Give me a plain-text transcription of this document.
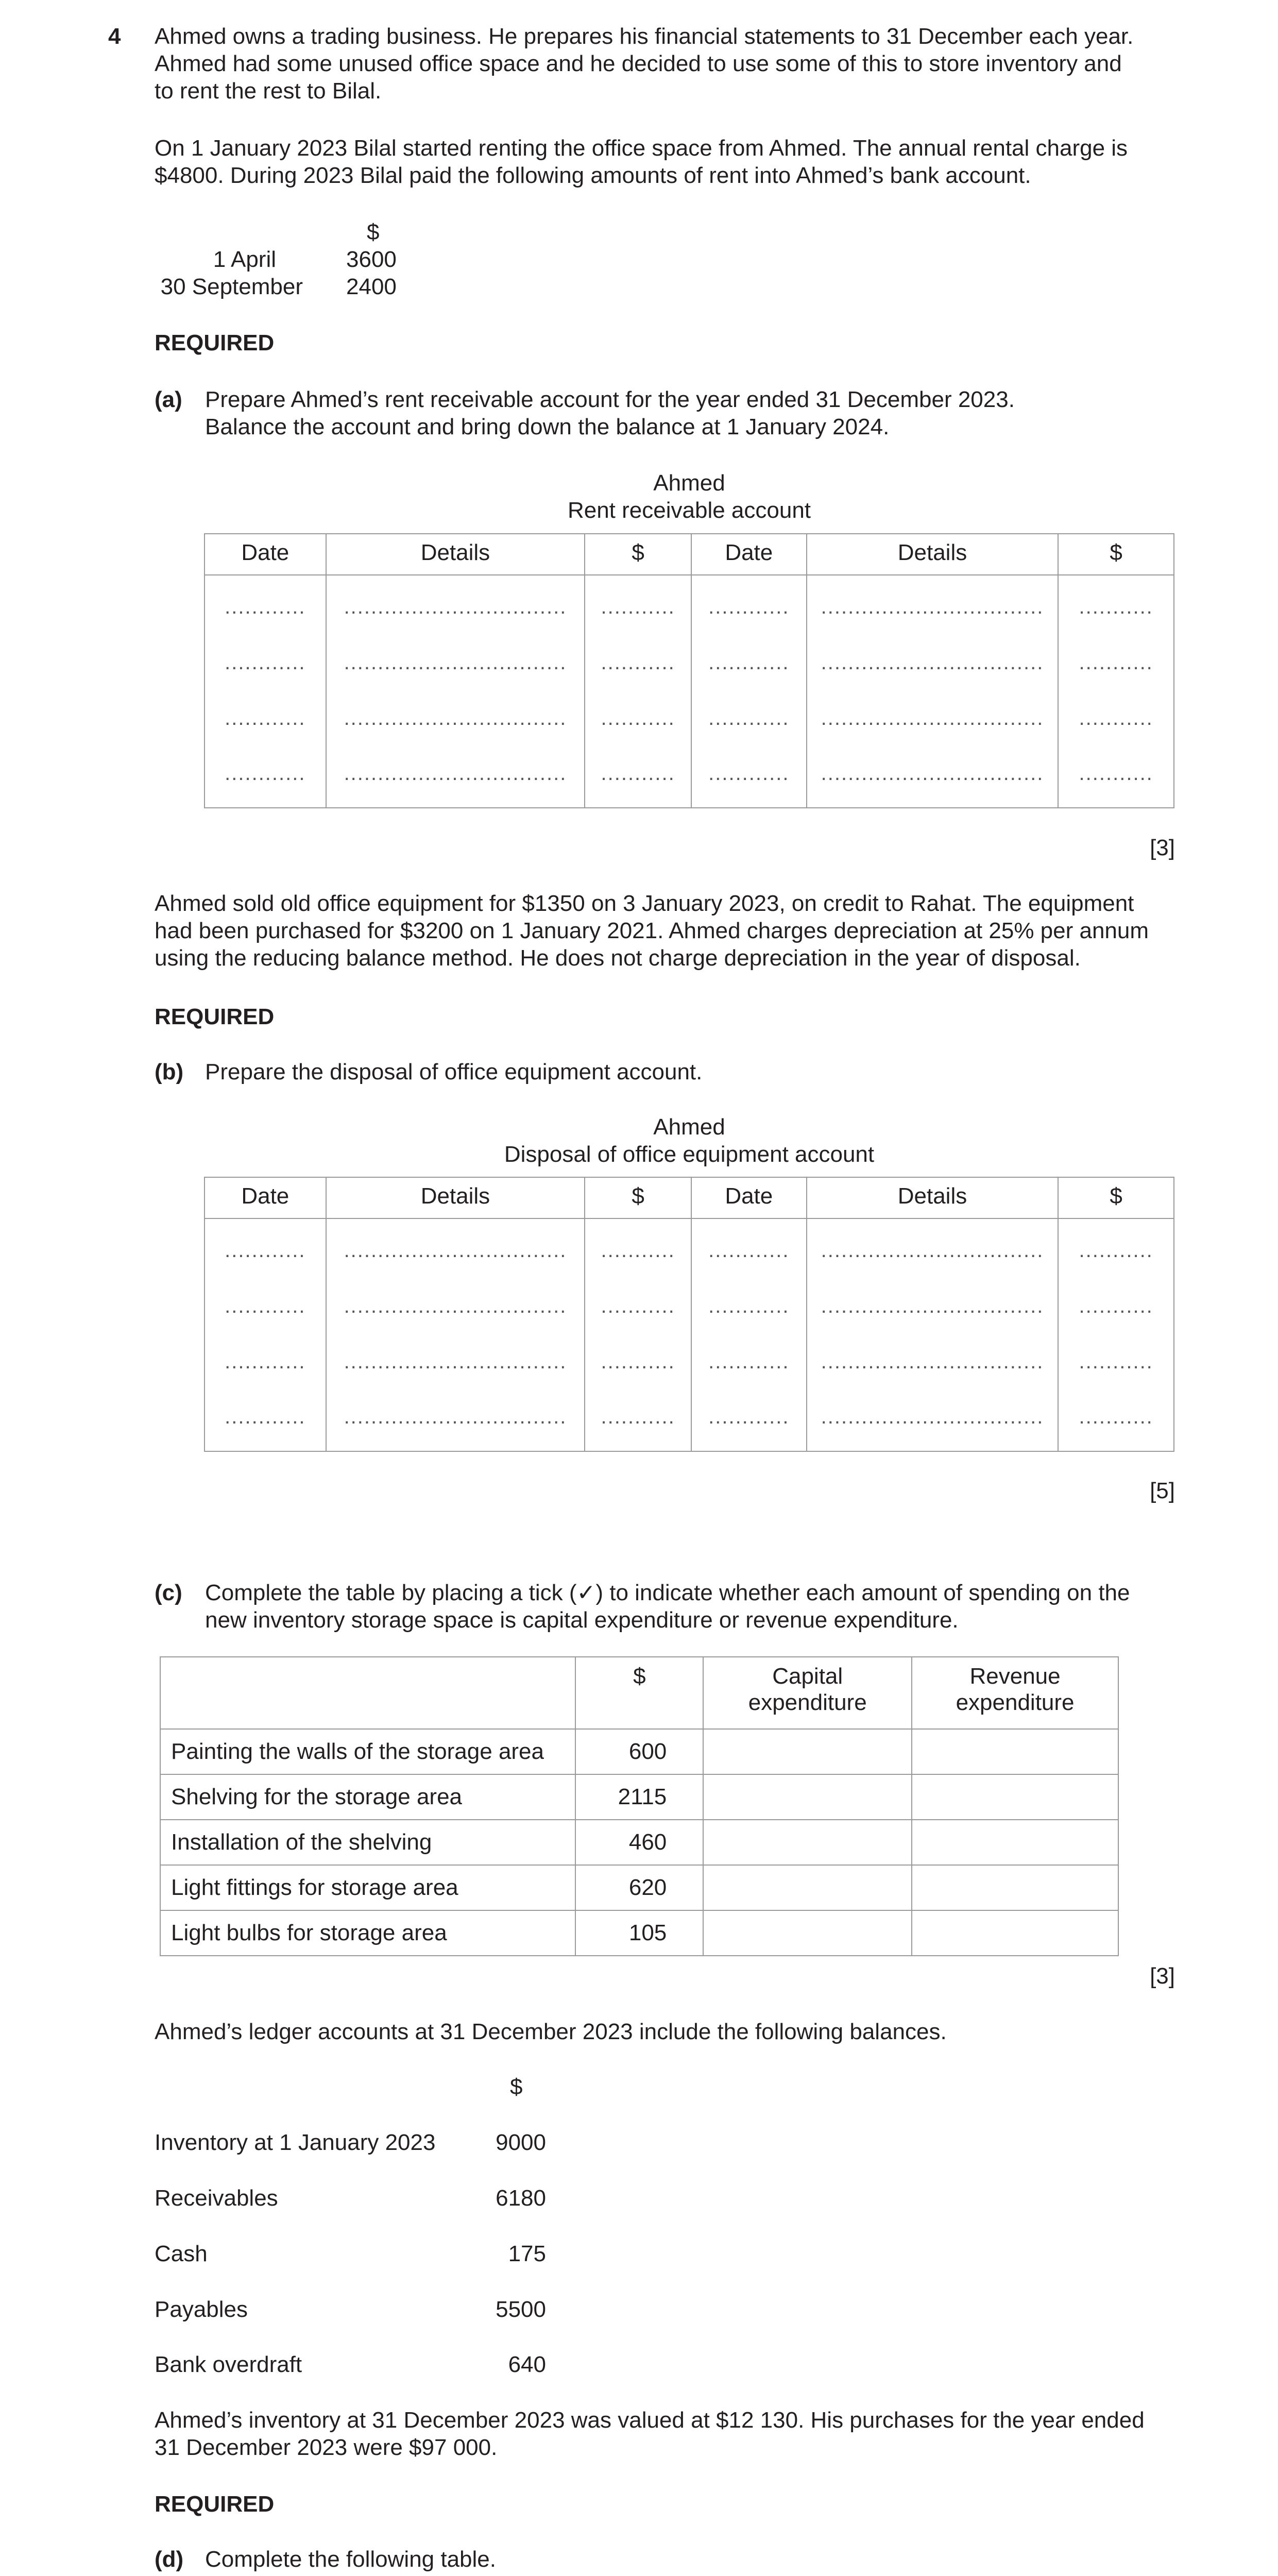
4 Ahmed owns a trading business. He prepares his financial statements to 31 December each year.
Ahmed had some unused office space and he decided to use some of this to store inventory and
to rent the rest to Bilal.
On 1 January 2023 Bilal started renting the office space from Ahmed. The annual rental charge is
$4800. During 2023 Bilal paid the following amounts of rent into Ahmed’s bank account.
$
1 April	3600
30 September 2400
REQUIRED
(a) Prepare Ahmed’s rent receivable account for the year ended 31 December 2023.
Balance the account and bring down the balance at 1 January 2024.
Ahmed
Rent receivable account
Date	Details	$	Date	Details	$
............	.................................	...........	............	.................................	...........
............	.................................	...........	............	.................................	...........
............	.................................	...........	............	.................................	...........
............	.................................	...........	............	.................................	...........
[3]
Ahmed sold old office equipment for $1350 on 3 January 2023, on credit to Rahat. The equipment
had been purchased for $3200 on 1 January 2021. Ahmed charges depreciation at 25% per annum
using the reducing balance method. He does not charge depreciation in the year of disposal.
REQUIRED
(b) Prepare the disposal of office equipment account.
Ahmed
Disposal of office equipment account
Date	Details	$	Date	Details	$
............	.................................	...........	............	.................................	...........
............	.................................	...........	............	.................................	...........
............	.................................	...........	............	.................................	...........
............	.................................	...........	............	.................................	...........
[5]
(c) Complete the table by placing a tick (✓) to indicate whether each amount of spending on the
new inventory storage space is capital expenditure or revenue expenditure.
	$	Capital expenditure	Revenue expenditure
Painting the walls of the storage area	600		
Shelving for the storage area	2115		
Installation of the shelving	460		
Light fittings for storage area	620		
Light bulbs for storage area	105		
[3]
Ahmed’s ledger accounts at 31 December 2023 include the following balances.
$
Inventory at 1 January 2023	9000
Receivables	6180
Cash	175
Payables	5500
Bank overdraft	640
Ahmed’s inventory at 31 December 2023 was valued at $12 130. His purchases for the year ended
31 December 2023 were $97 000.
REQUIRED
(d) Complete the following table.
